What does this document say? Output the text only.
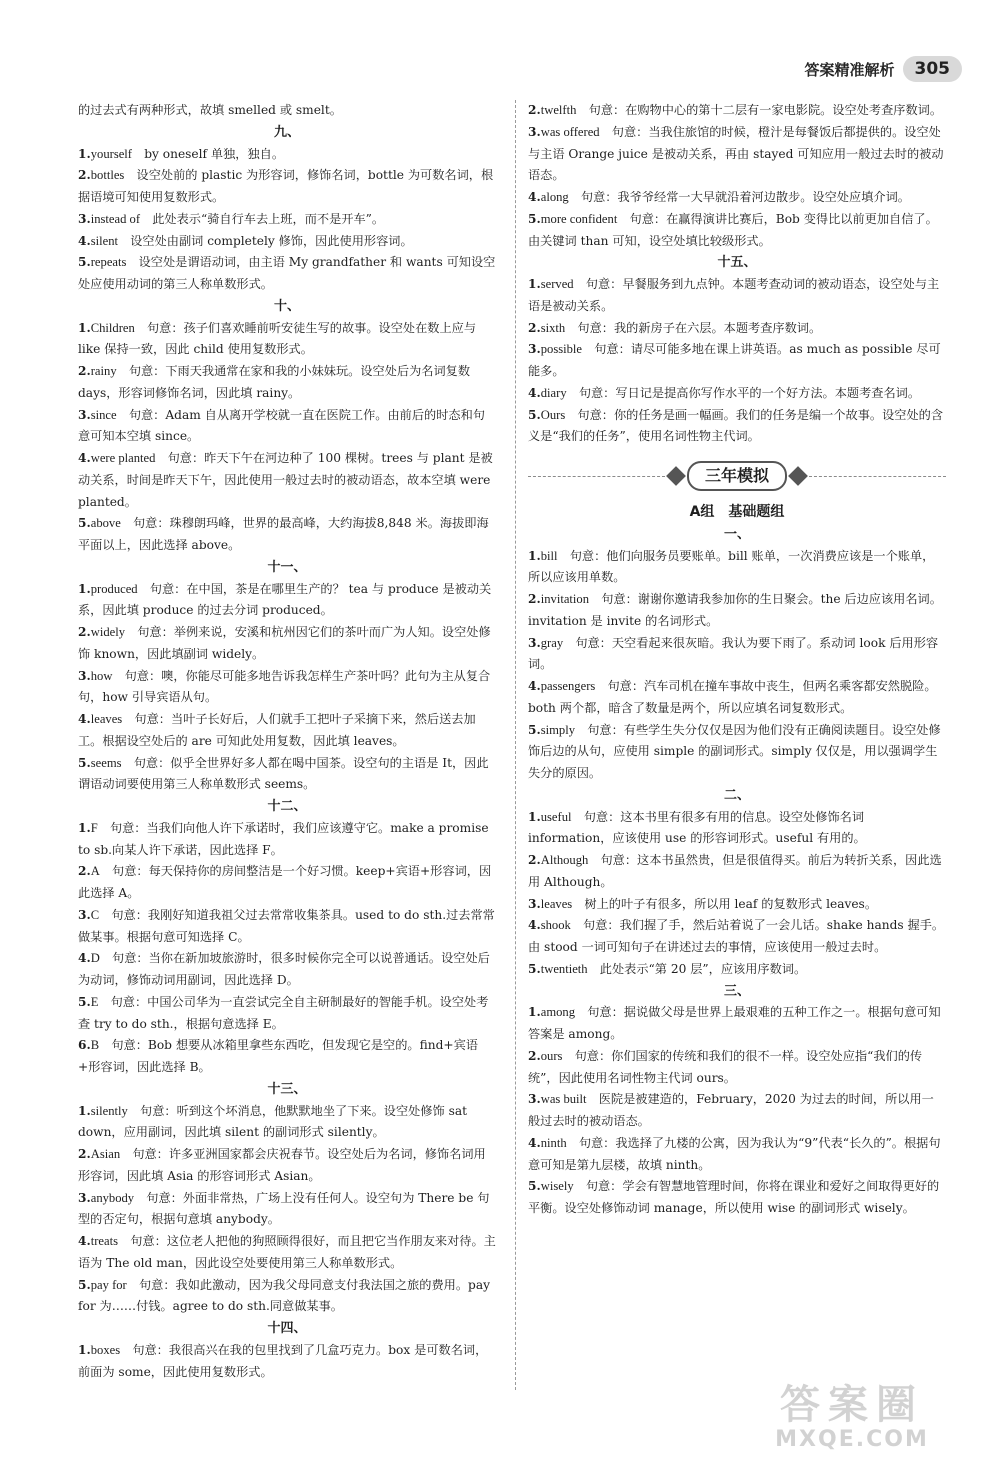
答案精准解析	305
的过去式有两种形式，故填 smelled 或 smelt。
九、
1.yourself  by oneself 单独，独自。
2.bottles  设空处前的 plastic 为形容词，修饰名词，bottle 为可数名词，根据语境可知使用复数形式。
3.instead of  此处表示“骑自行车去上班，而不是开车”。
4.silent  设空处由副词 completely 修饰，因此使用形容词。
5.repeats  设空处是谓语动词，由主语 My grandfather 和 wants 可知设空处应使用动词的第三人称单数形式。
十、
1.Children  句意：孩子们喜欢睡前听安徒生写的故事。设空处在数上应与 like 保持一致，因此 child 使用复数形式。
2.rainy  句意：下雨天我通常在家和我的小妹妹玩。设空处后为名词复数 days，形容词修饰名词，因此填 rainy。
3.since  句意：Adam 自从离开学校就一直在医院工作。由前后的时态和句意可知本空填 since。
4.were planted  句意：昨天下午在河边种了 100 棵树。trees 与 plant 是被动关系，时间是昨天下午，因此使用一般过去时的被动语态，故本空填 were planted。
5.above  句意：珠穆朗玛峰，世界的最高峰，大约海拔8,848 米。海拔即海平面以上，因此选择 above。
十一、
1.produced  句意：在中国，茶是在哪里生产的？ tea 与 produce 是被动关系，因此填 produce 的过去分词 produced。
2.widely  句意：举例来说，安溪和杭州因它们的茶叶而广为人知。设空处修饰 known，因此填副词 widely。
3.how  句意：噢，你能尽可能多地告诉我怎样生产茶叶吗？此句为主从复合句，how 引导宾语从句。
4.leaves  句意：当叶子长好后，人们就手工把叶子采摘下来，然后送去加工。根据设空处后的 are 可知此处用复数，因此填 leaves。
5.seems  句意：似乎全世界好多人都在喝中国茶。设空句的主语是 It，因此谓语动词要使用第三人称单数形式 seems。
十二、
1.F  句意：当我们向他人许下承诺时，我们应该遵守它。make a promise to sb.向某人许下承诺，因此选择 F。
2.A  句意：每天保持你的房间整洁是一个好习惯。keep+宾语+形容词，因此选择 A。
3.C  句意：我刚好知道我祖父过去常常收集茶具。used to do sth.过去常常做某事。根据句意可知选择 C。
4.D  句意：当你在新加坡旅游时，很多时候你完全可以说普通话。设空处后为动词，修饰动词用副词，因此选择 D。
5.E  句意：中国公司华为一直尝试完全自主研制最好的智能手机。设空处考查 try to do sth.，根据句意选择 E。
6.B  句意：Bob 想要从冰箱里拿些东西吃，但发现它是空的。find+宾语+形容词，因此选择 B。
十三、
1.silently  句意：听到这个坏消息，他默默地坐了下来。设空处修饰 sat down，应用副词，因此填 silent 的副词形式 silently。
2.Asian  句意：许多亚洲国家都会庆祝春节。设空处后为名词，修饰名词用形容词，因此填 Asia 的形容词形式 Asian。
3.anybody  句意：外面非常热，广场上没有任何人。设空句为 There be 句型的否定句，根据句意填 anybody。
4.treats  句意：这位老人把他的狗照顾得很好，而且把它当作朋友来对待。主语为 The old man，因此设空处要使用第三人称单数形式。
5.pay for  句意：我如此激动，因为我父母同意支付我法国之旅的费用。pay for 为……付钱。agree to do sth.同意做某事。
十四、
1.boxes  句意：我很高兴在我的包里找到了几盒巧克力。box 是可数名词，前面为 some，因此使用复数形式。
2.twelfth  句意：在购物中心的第十二层有一家电影院。设空处考查序数词。
3.was offered  句意：当我住旅馆的时候，橙汁是每餐饭后都提供的。设空处与主语 Orange juice 是被动关系，再由 stayed 可知应用一般过去时的被动语态。
4.along  句意：我爷爷经常一大早就沿着河边散步。设空处应填介词。
5.more confident  句意：在赢得演讲比赛后，Bob 变得比以前更加自信了。由关键词 than 可知，设空处填比较级形式。
十五、
1.served  句意：早餐服务到九点钟。本题考查动词的被动语态，设空处与主语是被动关系。
2.sixth  句意：我的新房子在六层。本题考查序数词。
3.possible  句意：请尽可能多地在课上讲英语。as much as possible 尽可能多。
4.diary  句意：写日记是提高你写作水平的一个好方法。本题考查名词。
5.Ours  句意：你的任务是画一幅画。我们的任务是编一个故事。设空处的含义是“我们的任务”，使用名词性物主代词。
三年模拟
A组　基础题组
一、
1.bill  句意：他们向服务员要账单。bill 账单，一次消费应该是一个账单，所以应该用单数。
2.invitation  句意：谢谢你邀请我参加你的生日聚会。the 后边应该用名词。invitation 是 invite 的名词形式。
3.gray  句意：天空看起来很灰暗。我认为要下雨了。系动词 look 后用形容词。
4.passengers  句意：汽车司机在撞车事故中丧生，但两名乘客都安然脱险。both 两个都，暗含了数量是两个，所以应填名词复数形式。
5.simply  句意：有些学生失分仅仅是因为他们没有正确阅读题目。设空处修饰后边的从句，应使用 simple 的副词形式。simply 仅仅是，用以强调学生失分的原因。
二、
1.useful  句意：这本书里有很多有用的信息。设空处修饰名词 information，应该使用 use 的形容词形式。useful 有用的。
2.Although  句意：这本书虽然贵，但是很值得买。前后为转折关系，因此选用 Although。
3.leaves  树上的叶子有很多，所以用 leaf 的复数形式 leaves。
4.shook  句意：我们握了手，然后站着说了一会儿话。shake hands 握手。由 stood 一词可知句子在讲述过去的事情，应该使用一般过去时。
5.twentieth  此处表示“第 20 层”，应该用序数词。
三、
1.among  句意：据说做父母是世界上最艰难的五种工作之一。根据句意可知答案是 among。
2.ours  句意：你们国家的传统和我们的很不一样。设空处应指“我们的传统”，因此使用名词性物主代词 ours。
3.was built  医院是被建造的，February，2020 为过去的时间，所以用一般过去时的被动语态。
4.ninth  句意：我选择了九楼的公寓，因为我认为“9”代表“长久的”。根据句意可知是第九层楼，故填 ninth。
5.wisely  句意：学会有智慧地管理时间，你将在课业和爱好之间取得更好的平衡。设空处修饰动词 manage，所以使用 wise 的副词形式 wisely。
答案圈
MXQE.COM
